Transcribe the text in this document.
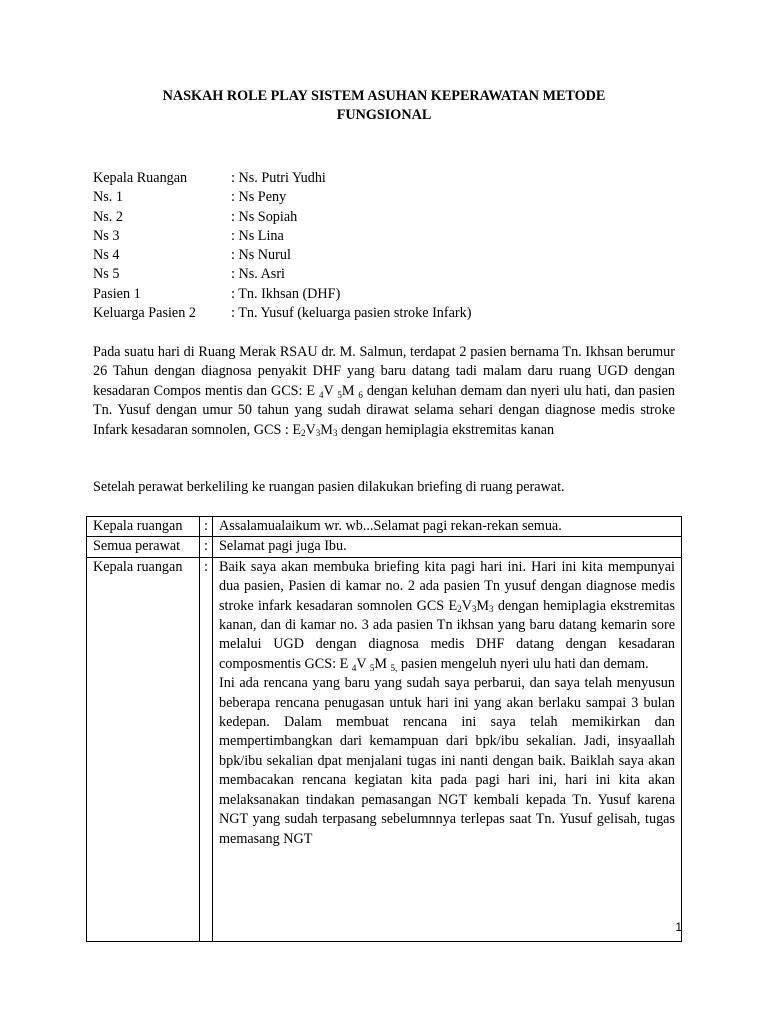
NASKAH ROLE PLAY SISTEM ASUHAN KEPERAWATAN METODE
FUNGSIONAL
Kepala Ruangan	: Ns. Putri Yudhi
Ns. 1	: Ns Peny
Ns. 2	: Ns Sopiah
Ns 3	: Ns Lina
Ns 4	: Ns Nurul
Ns 5	: Ns. Asri
Pasien 1	: Tn. Ikhsan (DHF)
Keluarga Pasien 2	: Tn. Yusuf (keluarga pasien stroke Infark)

Pada suatu hari di Ruang Merak RSAU dr. M. Salmun, terdapat 2 pasien bernama Tn. Ikhsan berumur 26 Tahun dengan diagnosa penyakit DHF yang baru datang tadi malam daru ruang UGD dengan kesadaran Compos mentis dan GCS: E $_4$V $_5$M $_6$ dengan keluhan demam dan nyeri ulu hati, dan pasien Tn. Yusuf dengan umur 50 tahun yang sudah dirawat selama sehari dengan diagnose medis stroke Infark kesadaran somnolen, GCS : $E_2V_3M_3$ dengan hemiplagia ekstremitas kanan

Setelah perawat berkeliling ke ruangan pasien dilakukan briefing di ruang perawat.

Kepala ruangan	:	Assalamualaikum wr. wb...Selamat pagi rekan-rekan semua.
Semua perawat	:	Selamat pagi juga Ibu.
Kepala ruangan	:	Baik saya akan membuka briefing kita pagi hari ini. Hari ini kita mempunyai dua pasien, Pasien di kamar no. 2 ada pasien Tn yusuf dengan diagnose medis stroke infark kesadaran somnolen GCS $E_2V_3M_3$ dengan hemiplagia ekstremitas kanan, dan di kamar no. 3 ada pasien Tn ikhsan yang baru datang kemarin sore melalui UGD dengan diagnosa medis DHF datang dengan kesadaran composmentis GCS: E $_4$V $_5$M $_{5,}$ pasien mengeluh nyeri ulu hati dan demam.
Ini ada rencana yang baru yang sudah saya perbarui, dan saya telah menyusun beberapa rencana penugasan untuk hari ini yang akan berlaku sampai 3 bulan kedepan. Dalam membuat rencana ini saya telah memikirkan dan mempertimbangkan dari kemampuan dari bpk/ibu sekalian. Jadi, insyaallah bpk/ibu sekalian dpat menjalani tugas ini nanti dengan baik. Baiklah saya akan membacakan rencana kegiatan kita pada pagi hari ini, hari ini kita akan melaksanakan tindakan pemasangan NGT kembali kepada Tn. Yusuf karena NGT yang sudah terpasang sebelumnnya terlepas saat Tn. Yusuf gelisah, tugas memasang NGT
1
